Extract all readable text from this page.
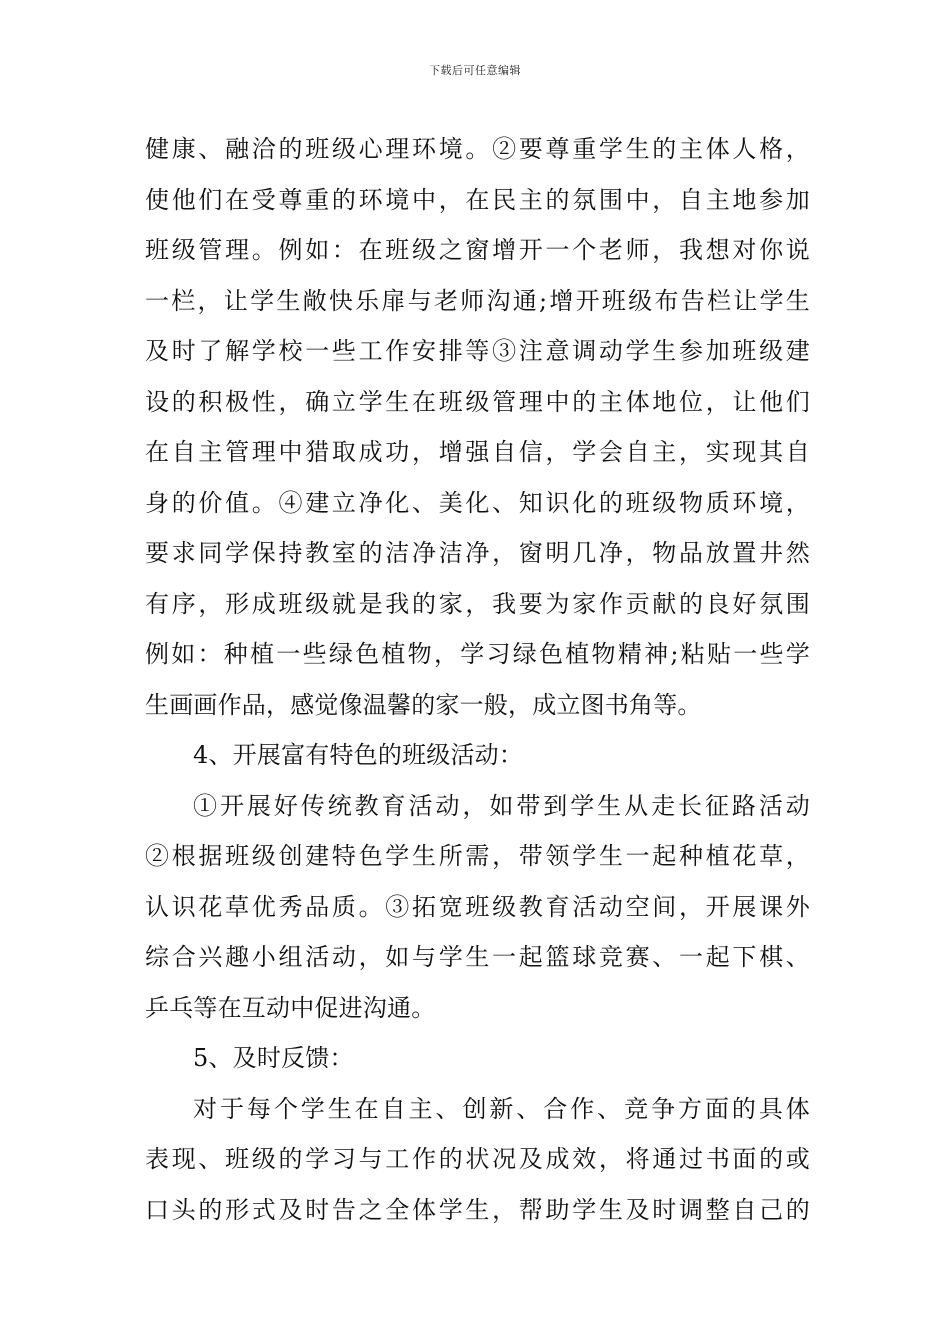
下载后可任意编辑
健康、融洽的班级心理环境。②要尊重学生的主体人格，
使他们在受尊重的环境中，在民主的氛围中，自主地参加
班级管理。例如：在班级之窗增开一个老师，我想对你说
一栏，让学生敞快乐扉与老师沟通;增开班级布告栏让学生
及时了解学校一些工作安排等③注意调动学生参加班级建
设的积极性，确立学生在班级管理中的主体地位，让他们
在自主管理中猎取成功，增强自信，学会自主，实现其自
身的价值。④建立净化、美化、知识化的班级物质环境，
要求同学保持教室的洁净洁净，窗明几净，物品放置井然
有序，形成班级就是我的家，我要为家作贡献的良好氛围
例如：种植一些绿色植物，学习绿色植物精神;粘贴一些学
生画画作品，感觉像温馨的家一般，成立图书角等。
4、开展富有特色的班级活动：
①开展好传统教育活动，如带到学生从走长征路活动
②根据班级创建特色学生所需，带领学生一起种植花草，
认识花草优秀品质。③拓宽班级教育活动空间，开展课外
综合兴趣小组活动，如与学生一起篮球竞赛、一起下棋、
乒乓等在互动中促进沟通。
5、及时反馈：
对于每个学生在自主、创新、合作、竞争方面的具体
表现、班级的学习与工作的状况及成效，将通过书面的或
口头的形式及时告之全体学生，帮助学生及时调整自己的
